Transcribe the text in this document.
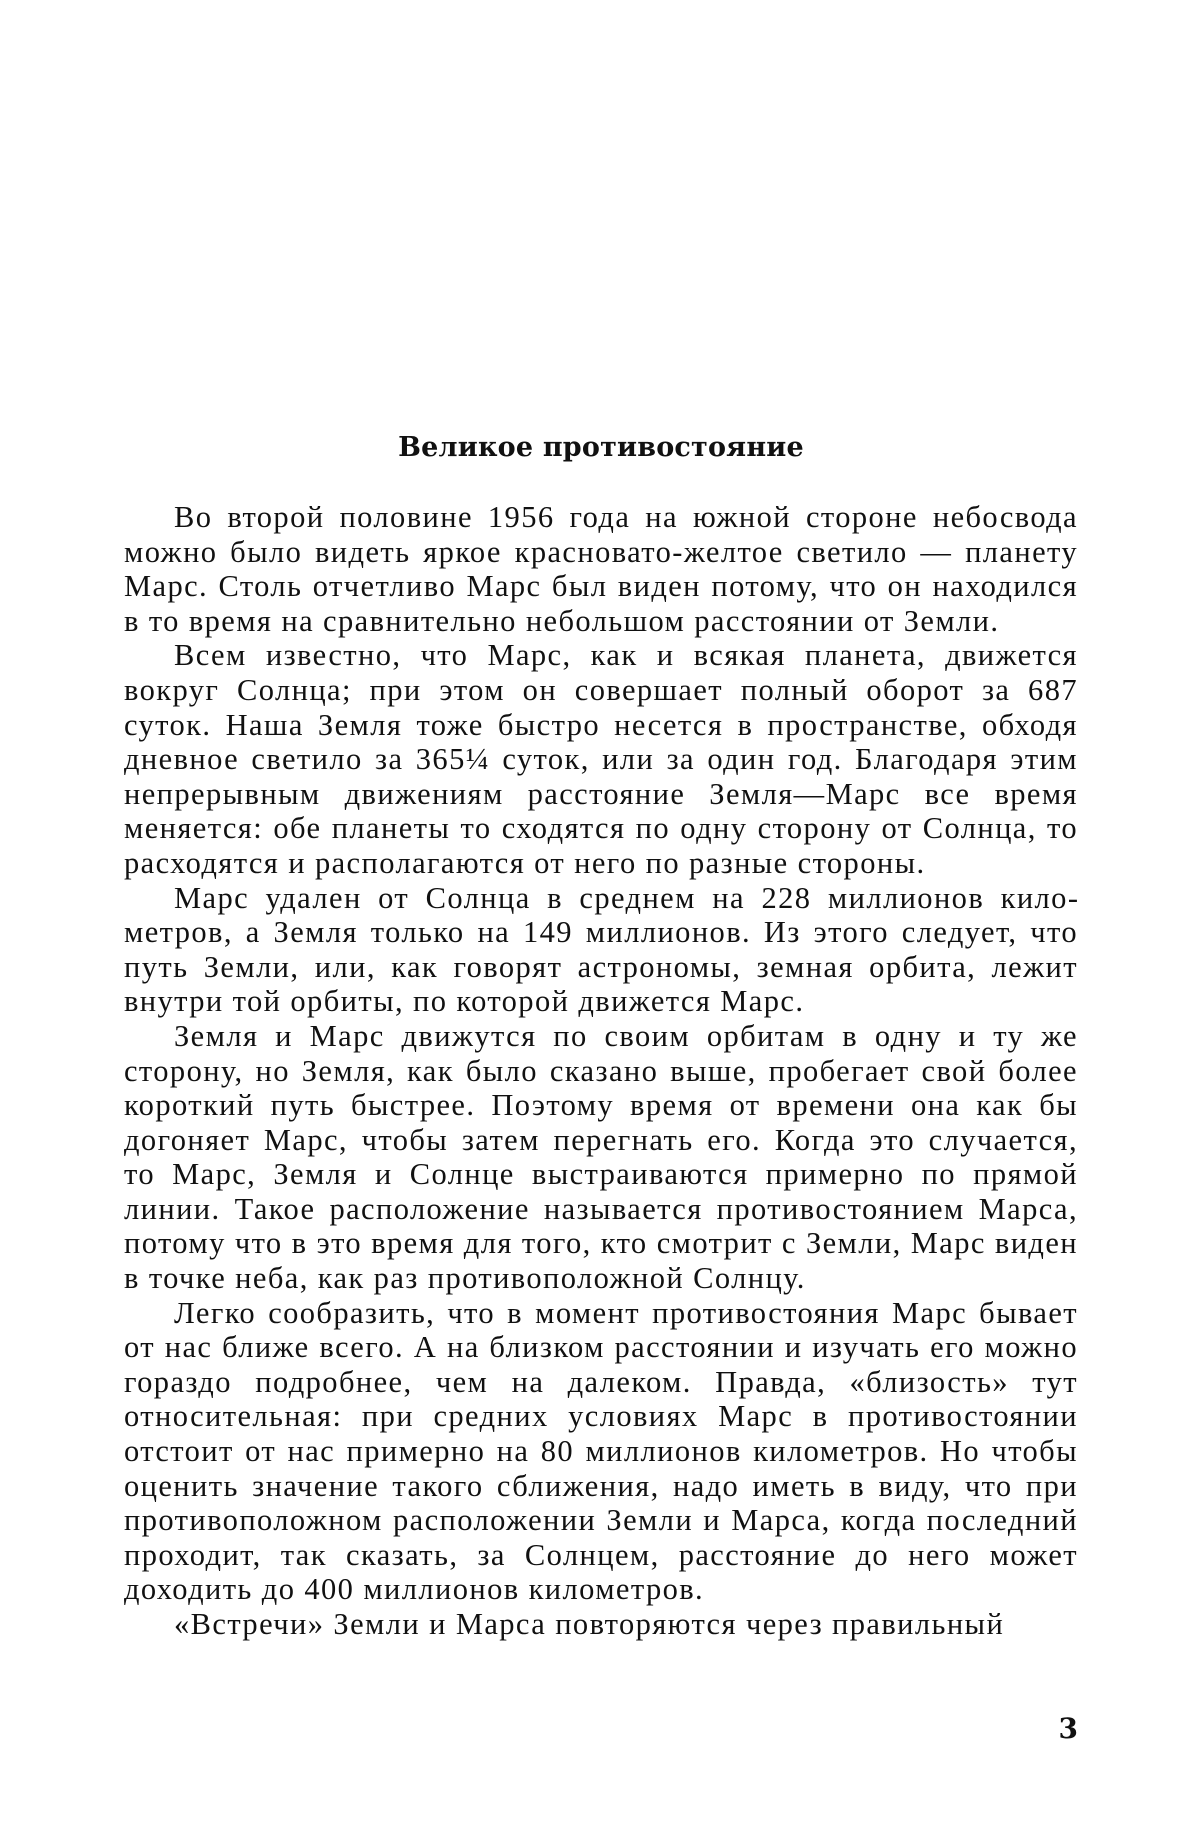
Великое противостояние

Во второй половине 1956 года на южной стороне небосвода можно было видеть яркое красновато-желтое светило — планету Марс. Столь отчетливо Марс был виден потому, что он находился в то время на сравнительно небольшом расстоянии от Земли.

Всем известно, что Марс, как и всякая планета, движется вокруг Солнца; при этом он совершает полный оборот за 687 суток. Наша Земля тоже быстро несется в пространстве, обходя дневное светило за 365¼ суток, или за один год. Благодаря этим непрерывным движениям расстояние Земля—Марс все время меняется: обе планеты то сходятся по одну сторону от Солнца, то расходятся и располагаются от него по разные стороны.

Марс удален от Солнца в среднем на 228 миллионов километров, а Земля только на 149 миллионов. Из этого следует, что путь Земли, или, как говорят астрономы, земная орбита, лежит внутри той орбиты, по которой движется Марс.

Земля и Марс движутся по своим орбитам в одну и ту же сторону, но Земля, как было сказано выше, пробегает свой более короткий путь быстрее. Поэтому время от времени она как бы догоняет Марс, чтобы затем перегнать его. Когда это случается, то Марс, Земля и Солнце выстраиваются примерно по прямой линии. Такое расположение называется противостоянием Марса, потому что в это время для того, кто смотрит с Земли, Марс виден в точке неба, как раз противоположной Солнцу.

Легко сообразить, что в момент противостояния Марс бывает от нас ближе всего. А на близком расстоянии и изучать его можно гораздо подробнее, чем на далеком. Правда, «близость» тут относительная: при средних условиях Марс в противостоянии отстоит от нас примерно на 80 миллионов километров. Но чтобы оценить значение такого сближения, надо иметь в виду, что при противоположном расположении Земли и Марса, когда последний проходит, так сказать, за Солнцем, расстояние до него может доходить до 400 миллионов километров.

«Встречи» Земли и Марса повторяются через правильный

3
